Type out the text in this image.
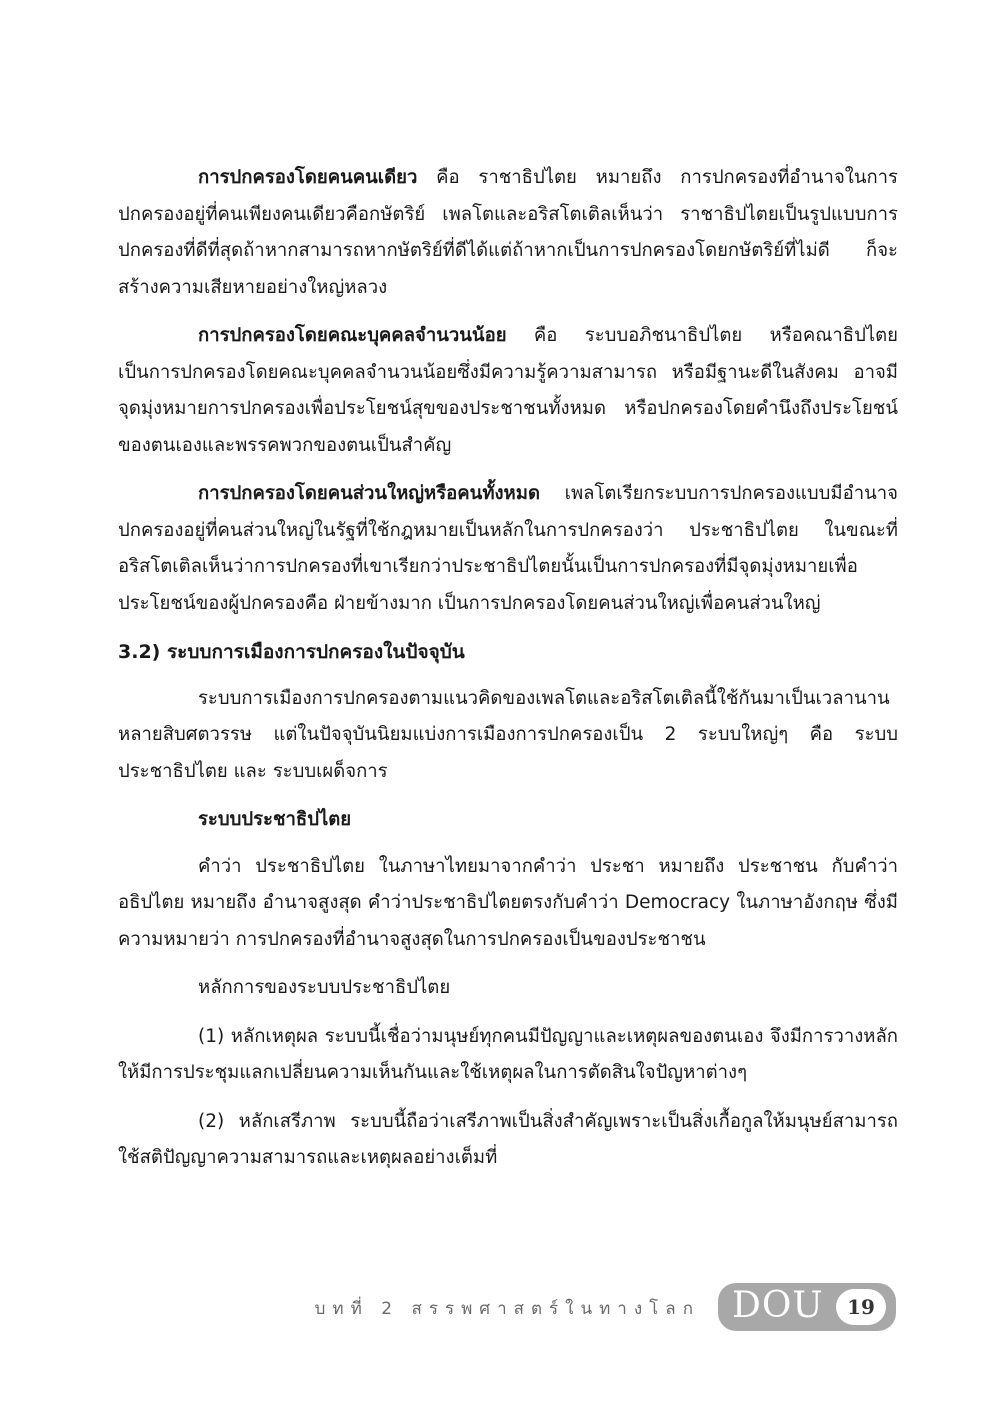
การปกครองโดยคนคนเดียว คือ ราชาธิปไตย หมายถึง การปกครองที่อำนาจในการปกครองอยู่ที่คนเพียงคนเดียวคือกษัตริย์ เพลโตและอริสโตเติลเห็นว่า ราชาธิปไตยเป็นรูปแบบการปกครองที่ดีที่สุดถ้าหากสามารถหากษัตริย์ที่ดีได้แต่ถ้าหากเป็นการปกครองโดยกษัตริย์ที่ไม่ดี ก็จะสร้างความเสียหายอย่างใหญ่หลวง

การปกครองโดยคณะบุคคลจำนวนน้อย คือ ระบบอภิชนาธิปไตย หรือคณาธิปไตย เป็นการปกครองโดยคณะบุคคลจำนวนน้อยซึ่งมีความรู้ความสามารถ หรือมีฐานะดีในสังคม อาจมีจุดมุ่งหมายการปกครองเพื่อประโยชน์สุขของประชาชนทั้งหมด หรือปกครองโดยคำนึงถึงประโยชน์ของตนเองและพรรคพวกของตนเป็นสำคัญ

การปกครองโดยคนส่วนใหญ่หรือคนทั้งหมด เพลโตเรียกระบบการปกครองแบบมีอำนาจปกครองอยู่ที่คนส่วนใหญ่ในรัฐที่ใช้กฎหมายเป็นหลักในการปกครองว่า ประชาธิปไตย ในขณะที่อริสโตเติลเห็นว่าการปกครองที่เขาเรียกว่าประชาธิปไตยนั้นเป็นการปกครองที่มีจุดมุ่งหมายเพื่อประโยชน์ของผู้ปกครองคือ ฝ่ายข้างมาก เป็นการปกครองโดยคนส่วนใหญ่เพื่อคนส่วนใหญ่

3.2) ระบบการเมืองการปกครองในปัจจุบัน

ระบบการเมืองการปกครองตามแนวคิดของเพลโตและอริสโตเติลนี้ใช้กันมาเป็นเวลานานหลายสิบศตวรรษ แต่ในปัจจุบันนิยมแบ่งการเมืองการปกครองเป็น 2 ระบบใหญ่ๆ คือ ระบบประชาธิปไตย และ ระบบเผด็จการ

ระบบประชาธิปไตย

คำว่า ประชาธิปไตย ในภาษาไทยมาจากคำว่า ประชา หมายถึง ประชาชน กับคำว่า อธิปไตย หมายถึง อำนาจสูงสุด คำว่าประชาธิปไตยตรงกับคำว่า Democracy ในภาษาอังกฤษ ซึ่งมีความหมายว่า การปกครองที่อำนาจสูงสุดในการปกครองเป็นของประชาชน

หลักการของระบบประชาธิปไตย

(1) หลักเหตุผล ระบบนี้เชื่อว่ามนุษย์ทุกคนมีปัญญาและเหตุผลของตนเอง จึงมีการวางหลักให้มีการประชุมแลกเปลี่ยนความเห็นกันและใช้เหตุผลในการตัดสินใจปัญหาต่างๆ

(2) หลักเสรีภาพ ระบบนี้ถือว่าเสรีภาพเป็นสิ่งสำคัญเพราะเป็นสิ่งเกื้อกูลให้มนุษย์สามารถใช้สติปัญญาความสามารถและเหตุผลอย่างเต็มที่

บทที่ 2 สรรพศาสตร์ในทางโลก DOU	19
